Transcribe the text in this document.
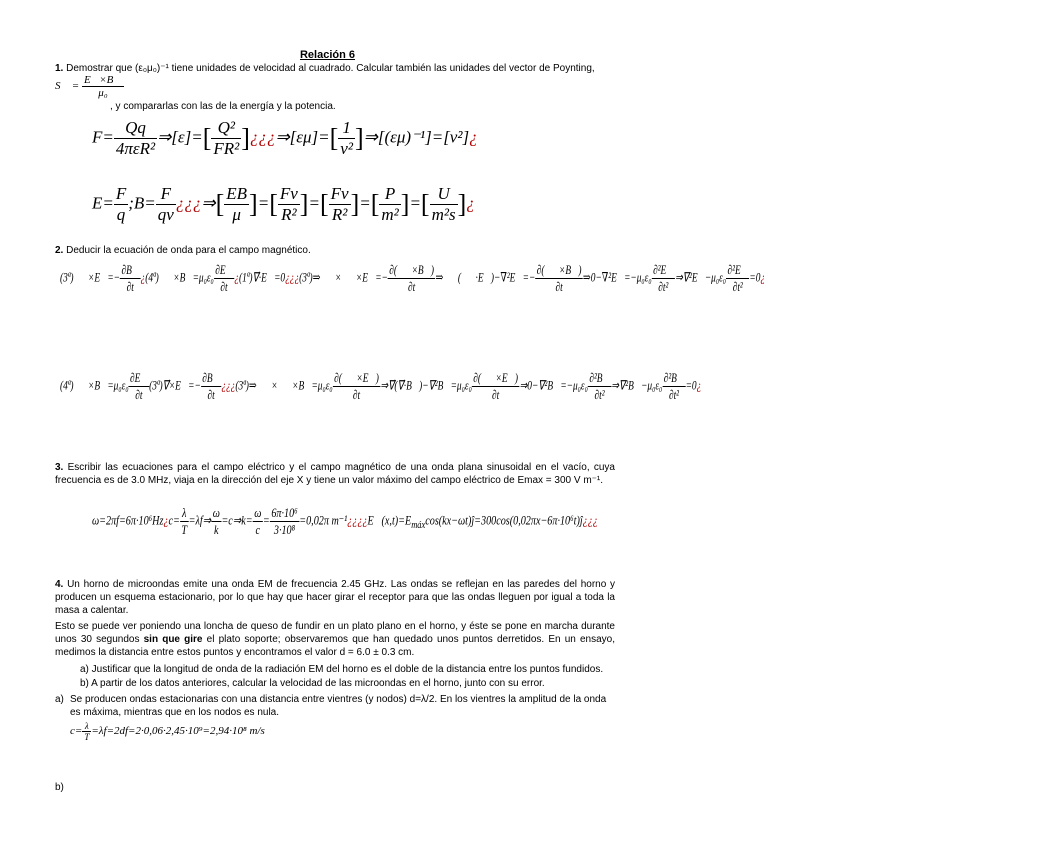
Relación 6
1. Demostrar que (ε₀μ₀)⁻¹ tiene unidades de velocidad al cuadrado. Calcular también las unidades del vector de Poynting,
S⃗ = $\frac{E⃗\times B⃗}{\text{μ₀}}$
, y compararlas con las de la energía y la potencia.
$F= \frac{Qq}{\text{4πεR²}}$ ⇒[ε]=[ $\frac{\text{Q²}}{\text{FR²}}$ ]¿¿¿⇒[εμ]=[ $\frac{1}{\text{v²}}$ ]⇒[(εμ)⁻¹]=[v²]¿
$E= \frac{F}{q}$ ;B= $\frac{F}{qv}$ ¿¿¿⇒[ $\frac{EB}{\mu}$ ]=[ $\frac{Fv}{\text{R²}}$ ]=[ $\frac{Fv}{\text{R²}}$ ]=[ $\frac{P}{\text{m²}}$ ]=[ $\frac{U}{\text{m²s}}$ ]¿
2. Deducir la ecuación de onda para el campo magnético.
(3ª)∇⃗×E⃗=− $\frac{\partial B⃗}{\partial t}$ ¿(4ª)∇⃗×B⃗=μ₀ε₀ $\frac{\partial E⃗}{\partial t}$ ¿(1ª)∇⃗·E⃗=0¿¿¿(3ª)⇒∇⃗×∇⃗×E⃗=− $\frac{\partial(\nabla⃗\times B⃗)}{\partial t}$ ⇒∇⃗(∇⃗·E⃗)−∇²E⃗=− $\frac{\partial(\nabla⃗\times B⃗)}{\partial t}$ ⇒0−∇²E⃗=−μ₀ε₀ $\frac{\text{∂²E⃗}}{\text{∂t²}}$ ⇒∇²E⃗−μ₀ε₀ $\frac{\text{∂²E⃗}}{\text{∂t²}}$ =0¿
(4ª)∇⃗×B⃗=μ₀ε₀ $\frac{\partial E⃗}{\partial t}$ (3ª)∇⃗×E⃗=− $\frac{\partial B⃗}{\partial t}$ ¿¿¿(3ª)⇒∇⃗×∇⃗×B⃗=μ₀ε₀ $\frac{\partial(\nabla⃗\times E⃗)}{\partial t}$ ⇒∇⃗(∇⃗·B⃗)−∇²B⃗=μ₀ε₀ $\frac{\partial(\nabla⃗\times E⃗)}{\partial t}$ ⇒0−∇²B⃗=−μ₀ε₀ $\frac{\text{∂²B⃗}}{\text{∂t²}}$ ⇒∇²B⃗−μ₀ε₀ $\frac{\text{∂²B⃗}}{\text{∂t²}}$ =0¿
3. Escribir las ecuaciones para el campo eléctrico y el campo magnético de una onda plana sinusoidal en el vacío, cuya frecuencia es de 3.0 MHz, viaja en la dirección del eje X y tiene un valor máximo del campo eléctrico de Emax = 300 V m⁻¹.
ω=2πf=6π·10⁶Hz¿c= $\frac{\lambda}{T}$ =λf⇒ $\frac{\omega}{k}$ =c⇒k= $\frac{\omega}{c} = \frac{\text{6π·10⁶}}{\text{3·10⁸}} =0,02\pi$ $m^{-1}¿¿¿¿E⃗(x,t)=E_{máx}\cos(kx-\omega t)ĵ=300\cos(0,02\pi x-6\pi\cdot 10^6t)ĵ¿¿¿$
4. Un horno de microondas emite una onda EM de frecuencia 2.45 GHz. Las ondas se reflejan en las paredes del horno y producen un esquema estacionario, por lo que hay que hacer girar el receptor para que las ondas lleguen por igual a toda la masa a calentar.
Esto se puede ver poniendo una loncha de queso de fundir en un plato plano en el horno, y éste se pone en marcha durante unos 30 segundos sin que gire el plato soporte; observaremos que han quedado unos puntos derretidos. En un ensayo, medimos la distancia entre estos puntos y encontramos el valor d = 6.0 ± 0.3 cm.
a) Justificar que la longitud de onda de la radiación EM del horno es el doble de la distancia entre los puntos fundidos.
b) A partir de los datos anteriores, calcular la velocidad de las microondas en el horno, junto con su error.
a) Se producen ondas estacionarias con una distancia entre vientres (y nodos) d=λ/2. En los vientres la amplitud de la onda es máxima, mientras que en los nodos es nula.
$c= \frac{\lambda}{T} =\lambda f=2df=2\cdot 0,06\cdot 2,45\cdot 10^9=2,94\cdot 10^8$ m/s
b)
